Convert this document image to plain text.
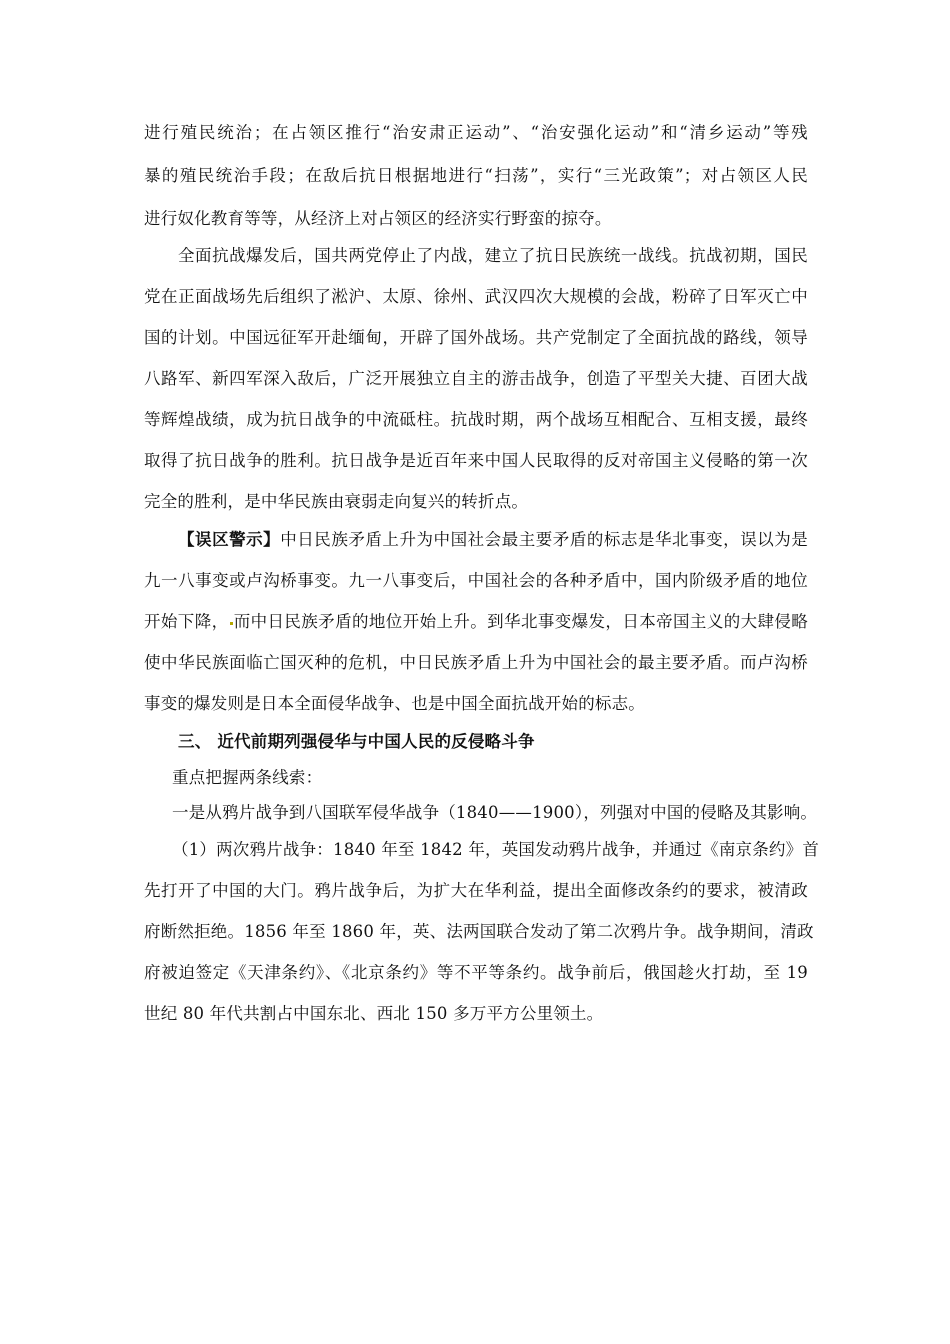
进行殖民统治；在占领区推行“治安肃正运动”、“治安强化运动”和“清乡运动”等残
暴的殖民统治手段；在敌后抗日根据地进行“扫荡”，实行“三光政策”；对占领区人民
进行奴化教育等等，从经济上对占领区的经济实行野蛮的掠夺。
全面抗战爆发后，国共两党停止了内战，建立了抗日民族统一战线。抗战初期，国民
党在正面战场先后组织了淞沪、太原、徐州、武汉四次大规模的会战，粉碎了日军灭亡中
国的计划。中国远征军开赴缅甸，开辟了国外战场。共产党制定了全面抗战的路线，领导
八路军、新四军深入敌后，广泛开展独立自主的游击战争，创造了平型关大捷、百团大战
等辉煌战绩，成为抗日战争的中流砥柱。抗战时期，两个战场互相配合、互相支援，最终
取得了抗日战争的胜利。抗日战争是近百年来中国人民取得的反对帝国主义侵略的第一次
完全的胜利，是中华民族由衰弱走向复兴的转折点。
【误区警示】中日民族矛盾上升为中国社会最主要矛盾的标志是华北事变，误以为是
九一八事变或卢沟桥事变。九一八事变后，中国社会的各种矛盾中，国内阶级矛盾的地位
开始下降， 而中日民族矛盾的地位开始上升。到华北事变爆发，日本帝国主义的大肆侵略
使中华民族面临亡国灭种的危机，中日民族矛盾上升为中国社会的最主要矛盾。而卢沟桥
事变的爆发则是日本全面侵华战争、也是中国全面抗战开始的标志。
三、 近代前期列强侵华与中国人民的反侵略斗争
重点把握两条线索：
一是从鸦片战争到八国联军侵华战争（1840——1900），列强对中国的侵略及其影响。
（1）两次鸦片战争：1840 年至 1842 年，英国发动鸦片战争，并通过《南京条约》首
先打开了中国的大门。鸦片战争后，为扩大在华利益，提出全面修改条约的要求，被清政
府断然拒绝。1856 年至 1860 年，英、法两国联合发动了第二次鸦片争。战争期间，清政
府被迫签定《天津条约》、《北京条约》等不平等条约。战争前后，俄国趁火打劫，至 19
世纪 80 年代共割占中国东北、西北 150 多万平方公里领土。
